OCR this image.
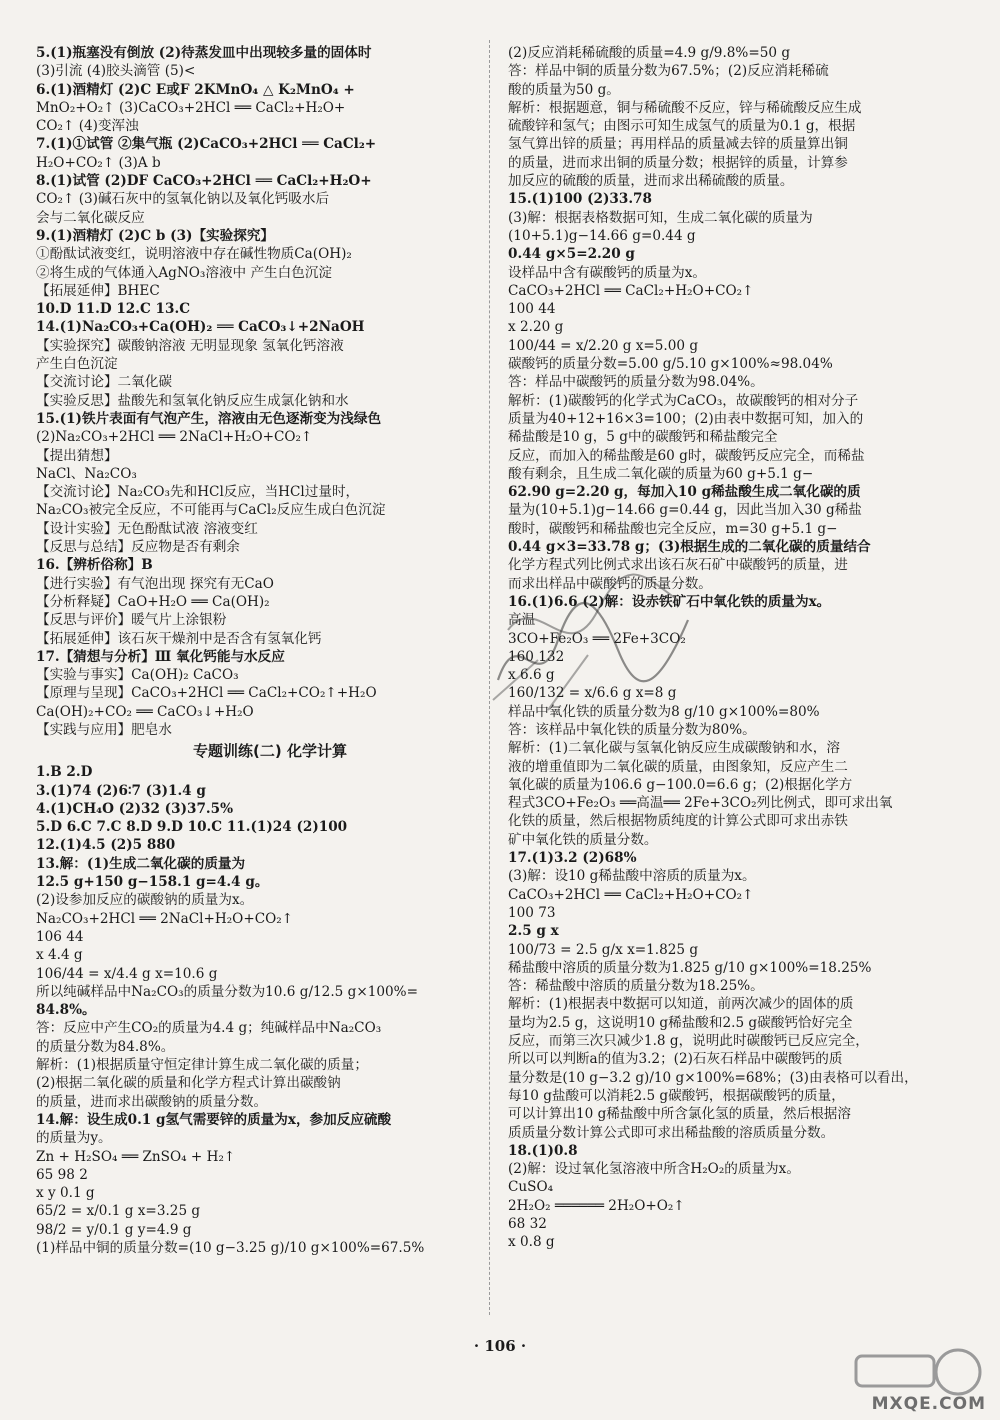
5.(1)瓶塞没有倒放 (2)待蒸发皿中出现较多量的固体时
(3)引流 (4)胶头滴管 (5)<
6.(1)酒精灯 (2)C E或F 2KMnO₄ △ K₂MnO₄ +
MnO₂+O₂↑ (3)CaCO₃+2HCl ══ CaCl₂+H₂O+
CO₂↑ (4)变浑浊
7.(1)①试管 ②集气瓶 (2)CaCO₃+2HCl ══ CaCl₂+
H₂O+CO₂↑ (3)A b
8.(1)试管 (2)DF CaCO₃+2HCl ══ CaCl₂+H₂O+
CO₂↑ (3)碱石灰中的氢氧化钠以及氧化钙吸水后
会与二氧化碳反应
9.(1)酒精灯 (2)C b (3)【实验探究】
①酚酞试液变红，说明溶液中存在碱性物质Ca(OH)₂
②将生成的气体通入AgNO₃溶液中 产生白色沉淀
【拓展延伸】BHEC
10.D 11.D 12.C 13.C
14.(1)Na₂CO₃+Ca(OH)₂ ══ CaCO₃↓+2NaOH
【实验探究】碳酸钠溶液 无明显现象 氢氧化钙溶液
产生白色沉淀
【交流讨论】二氧化碳
【实验反思】盐酸先和氢氧化钠反应生成氯化钠和水
15.(1)铁片表面有气泡产生，溶液由无色逐渐变为浅绿色
(2)Na₂CO₃+2HCl ══ 2NaCl+H₂O+CO₂↑
【提出猜想】
NaCl、Na₂CO₃
【交流讨论】Na₂CO₃先和HCl反应，当HCl过量时，
Na₂CO₃被完全反应，不可能再与CaCl₂反应生成白色沉淀
【设计实验】无色酚酞试液 溶液变红
【反思与总结】反应物是否有剩余
16.【辨析俗称】B
【进行实验】有气泡出现 探究有无CaO
【分析释疑】CaO+H₂O ══ Ca(OH)₂
【反思与评价】暖气片上涂银粉
【拓展延伸】该石灰干燥剂中是否含有氢氧化钙
17.【猜想与分析】Ⅲ 氧化钙能与水反应
【实验与事实】Ca(OH)₂ CaCO₃
【原理与呈现】CaCO₃+2HCl ══ CaCl₂+CO₂↑+H₂O
Ca(OH)₂+CO₂ ══ CaCO₃↓+H₂O
【实践与应用】肥皂水
专题训练(二) 化学计算
1.B 2.D
3.(1)74 (2)6∶7 (3)1.4 g
4.(1)CH₄O (2)32 (3)37.5%
5.D 6.C 7.C 8.D 9.D 10.C 11.(1)24 (2)100
12.(1)4.5 (2)5 880
13.解：(1)生成二氧化碳的质量为
12.5 g+150 g−158.1 g=4.4 g。
(2)设参加反应的碳酸钠的质量为x。
Na₂CO₃+2HCl ══ 2NaCl+H₂O+CO₂↑
106 44
x 4.4 g
106/44 = x/4.4 g x=10.6 g
所以纯碱样品中Na₂CO₃的质量分数为10.6 g/12.5 g×100%=
84.8%。
答：反应中产生CO₂的质量为4.4 g；纯碱样品中Na₂CO₃
的质量分数为84.8%。
解析：(1)根据质量守恒定律计算生成二氧化碳的质量；
(2)根据二氧化碳的质量和化学方程式计算出碳酸钠
的质量，进而求出碳酸钠的质量分数。
14.解：设生成0.1 g氢气需要锌的质量为x，参加反应硫酸
的质量为y。
Zn + H₂SO₄ ══ ZnSO₄ + H₂↑
65 98 2
x y 0.1 g
65/2 = x/0.1 g x=3.25 g
98/2 = y/0.1 g y=4.9 g
(1)样品中铜的质量分数=(10 g−3.25 g)/10 g×100%=67.5%
(2)反应消耗稀硫酸的质量=4.9 g/9.8%=50 g
答：样品中铜的质量分数为67.5%；(2)反应消耗稀硫
酸的质量为50 g。
解析：根据题意，铜与稀硫酸不反应，锌与稀硫酸反应生成
硫酸锌和氢气；由图示可知生成氢气的质量为0.1 g，根据
氢气算出锌的质量；再用样品的质量减去锌的质量算出铜
的质量，进而求出铜的质量分数；根据锌的质量，计算参
加反应的硫酸的质量，进而求出稀硫酸的质量。
15.(1)100 (2)33.78
(3)解：根据表格数据可知，生成二氧化碳的质量为
(10+5.1)g−14.66 g=0.44 g
0.44 g×5=2.20 g
设样品中含有碳酸钙的质量为x。
CaCO₃+2HCl ══ CaCl₂+H₂O+CO₂↑
100 44
x 2.20 g
100/44 = x/2.20 g x=5.00 g
碳酸钙的质量分数=5.00 g/5.10 g×100%≈98.04%
答：样品中碳酸钙的质量分数为98.04%。
解析：(1)碳酸钙的化学式为CaCO₃，故碳酸钙的相对分子
质量为40+12+16×3=100；(2)由表中数据可知，加入的
稀盐酸是10 g，5 g中的碳酸钙和稀盐酸完全
反应，而加入的稀盐酸是60 g时，碳酸钙反应完全，而稀盐
酸有剩余，且生成二氧化碳的质量为60 g+5.1 g−
62.90 g=2.20 g，每加入10 g稀盐酸生成二氧化碳的质
量为(10+5.1)g−14.66 g=0.44 g，因此当加入30 g稀盐
酸时，碳酸钙和稀盐酸也完全反应，m=30 g+5.1 g−
0.44 g×3=33.78 g；(3)根据生成的二氧化碳的质量结合
化学方程式列比例式求出该石灰石矿中碳酸钙的质量，进
而求出样品中碳酸钙的质量分数。
16.(1)6.6 (2)解：设赤铁矿石中氧化铁的质量为x。
高温
3CO+Fe₂O₃ ══ 2Fe+3CO₂
160 132
x 6.6 g
160/132 = x/6.6 g x=8 g
样品中氧化铁的质量分数为8 g/10 g×100%=80%
答：该样品中氧化铁的质量分数为80%。
解析：(1)二氧化碳与氢氧化钠反应生成碳酸钠和水，溶
液的增重值即为二氧化碳的质量，由图象知，反应产生二
氧化碳的质量为106.6 g−100.0=6.6 g；(2)根据化学方
程式3CO+Fe₂O₃ ══高温══ 2Fe+3CO₂列比例式，即可求出氧
化铁的质量，然后根据物质纯度的计算公式即可求出赤铁
矿中氧化铁的质量分数。
17.(1)3.2 (2)68%
(3)解：设10 g稀盐酸中溶质的质量为x。
CaCO₃+2HCl ══ CaCl₂+H₂O+CO₂↑
100 73
2.5 g x
100/73 = 2.5 g/x x=1.825 g
稀盐酸中溶质的质量分数为1.825 g/10 g×100%=18.25%
答：稀盐酸中溶质的质量分数为18.25%。
解析：(1)根据表中数据可以知道，前两次减少的固体的质
量均为2.5 g，这说明10 g稀盐酸和2.5 g碳酸钙恰好完全
反应，而第三次只减少1.8 g，说明此时碳酸钙已反应完全，
所以可以判断a的值为3.2；(2)石灰石样品中碳酸钙的质
量分数是(10 g−3.2 g)/10 g×100%=68%；(3)由表格可以看出，
每10 g盐酸可以消耗2.5 g碳酸钙，根据碳酸钙的质量，
可以计算出10 g稀盐酸中所含氯化氢的质量，然后根据溶
质质量分数计算公式即可求出稀盐酸的溶质质量分数。
18.(1)0.8
(2)解：设过氧化氢溶液中所含H₂O₂的质量为x。
CuSO₄
2H₂O₂ ══════ 2H₂O+O₂↑
68 32
x 0.8 g
· 106 ·
MXQE.COM
